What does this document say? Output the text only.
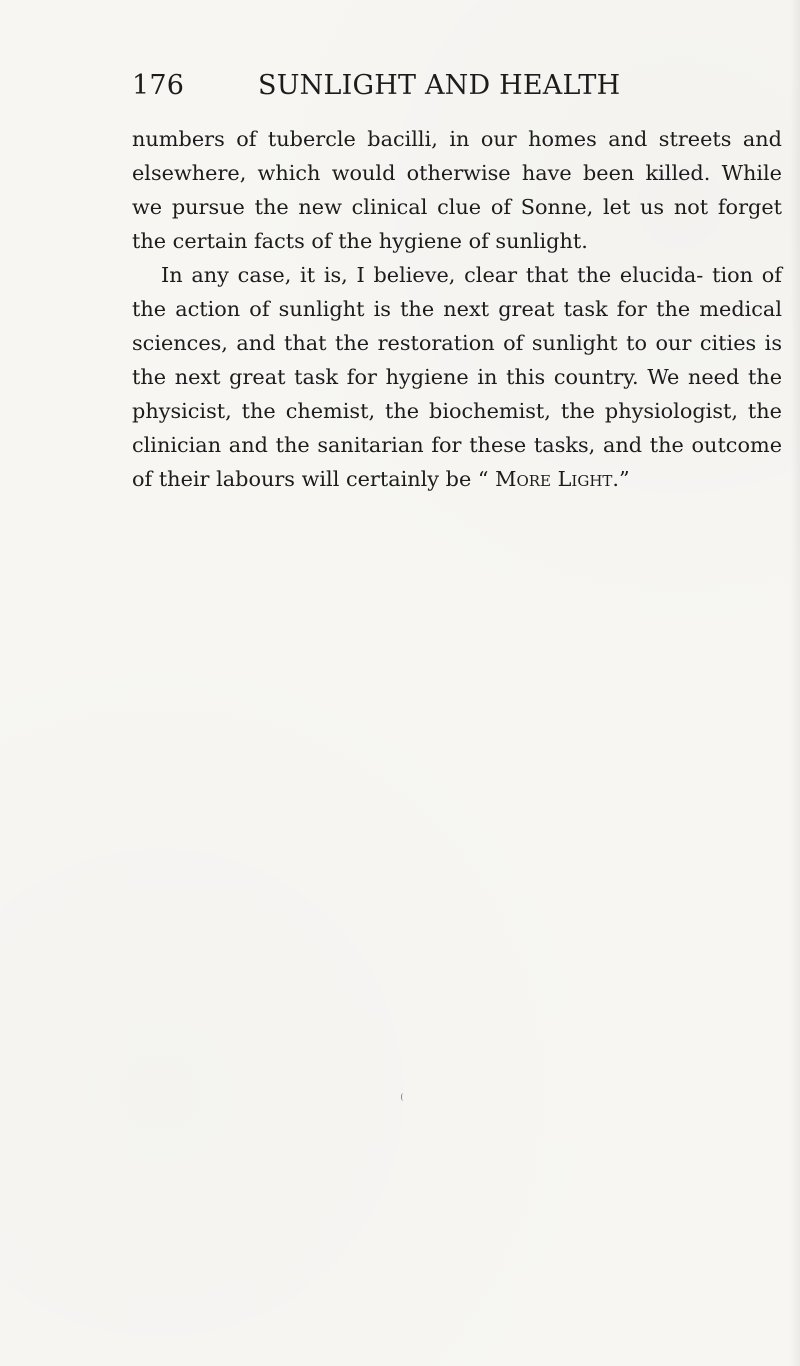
176	SUNLIGHT AND HEALTH

numbers of tubercle bacilli, in our homes and streets and elsewhere, which would otherwise have been killed. While we pursue the new clinical clue of Sonne, let us not forget the certain facts of the hygiene of sunlight.

In any case, it is, I believe, clear that the elucida- tion of the action of sunlight is the next great task for the medical sciences, and that the restoration of sunlight to our cities is the next great task for hygiene in this country. We need the physicist, the chemist, the biochemist, the physiologist, the clinician and the sanitarian for these tasks, and the outcome of their labours will certainly be “ More Light.”
